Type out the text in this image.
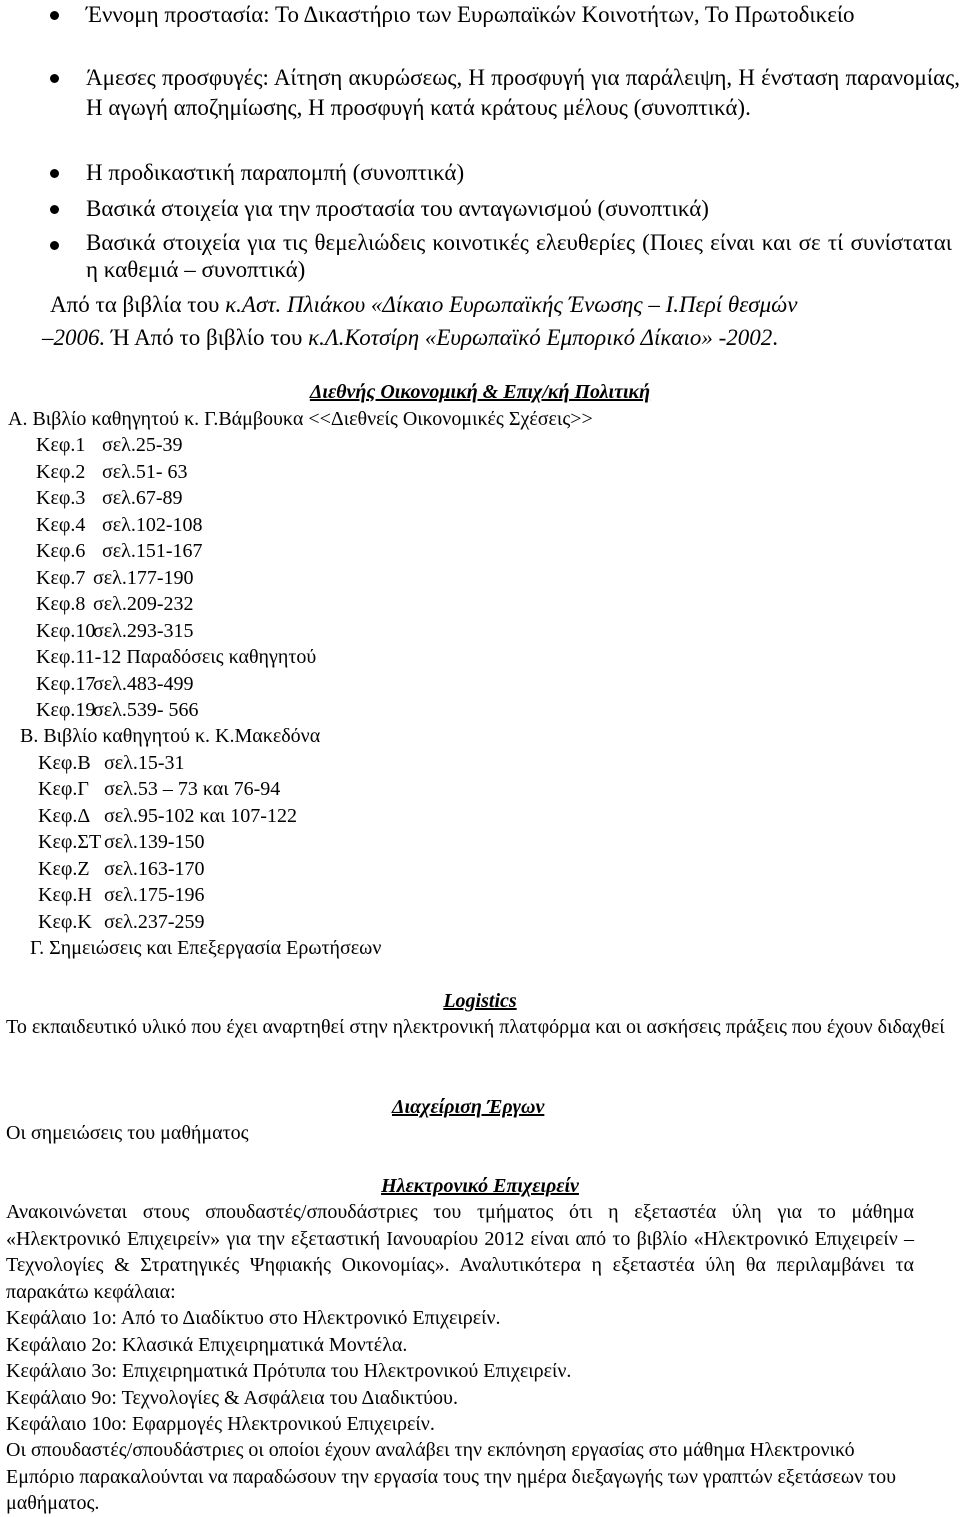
Έννομη προστασία: Το Δικαστήριο των Ευρωπαϊκών Κοινοτήτων, Το Πρωτοδικείο
Άμεσες προσφυγές: Αίτηση ακυρώσεως, Η προσφυγή για παράλειψη, Η ένσταση παρανομίας, Η αγωγή αποζημίωσης, Η προσφυγή κατά κράτους μέλους (συνοπτικά).
Η προδικαστική παραπομπή (συνοπτικά)
Βασικά στοιχεία για την προστασία του ανταγωνισμού (συνοπτικά)
Βασικά στοιχεία για τις θεμελιώδεις κοινοτικές ελευθερίες (Ποιες είναι και σε τί συνίσταται η καθεμιά – συνοπτικά)
Από τα βιβλία του κ.Αστ. Πλιάκου «Δίκαιο Ευρωπαϊκής Ένωσης – Ι.Περί θεσμών
–2006. Ή Από το βιβλίο του κ.Λ.Κοτσίρη «Ευρωπαϊκό Εμπορικό Δίκαιο» -2002.
Διεθνής Οικονομική & Επιχ/κή Πολιτική
Α. Βιβλίο καθηγητού κ. Γ.Βάμβουκα <<Διεθνείς Οικονομικές Σχέσεις>>
Κεφ.1 σελ.25-39
Κεφ.2 σελ.51- 63
Κεφ.3 σελ.67-89
Κεφ.4 σελ.102-108
Κεφ.6 σελ.151-167
Κεφ.7 σελ.177-190
Κεφ.8 σελ.209-232
Κεφ.10σελ.293-315
Κεφ.11-12 Παραδόσεις καθηγητού
Κεφ.17σελ.483-499
Κεφ.19σελ.539- 566
Β. Βιβλίο καθηγητού κ. Κ.Μακεδόνα
Κεφ.Β σελ.15-31
Κεφ.Γ σελ.53 – 73 και 76-94
Κεφ.Δ σελ.95-102 και 107-122
Κεφ.ΣΤ σελ.139-150
Κεφ.Ζ σελ.163-170
Κεφ.Η σελ.175-196
Κεφ.Κ σελ.237-259
Γ. Σημειώσεις και Επεξεργασία Ερωτήσεων
Logistics
Το εκπαιδευτικό υλικό που έχει αναρτηθεί στην ηλεκτρονική πλατφόρμα και οι ασκήσεις πράξεις που έχουν διδαχθεί
Διαχείριση Έργων
Οι σημειώσεις του μαθήματος
Ηλεκτρονικό Επιχειρείν
Ανακοινώνεται στους σπουδαστές/σπουδάστριες του τμήματος ότι η εξεταστέα ύλη για το μάθημα «Ηλεκτρονικό Επιχειρείν» για την εξεταστική Ιανουαρίου 2012 είναι από το βιβλίο «Ηλεκτρονικό Επιχειρείν – Τεχνολογίες & Στρατηγικές Ψηφιακής Οικονομίας». Αναλυτικότερα η εξεταστέα ύλη θα περιλαμβάνει τα παρακάτω κεφάλαια:
Κεφάλαιο 1ο: Από το Διαδίκτυο στο Ηλεκτρονικό Επιχειρείν.
Κεφάλαιο 2ο: Κλασικά Επιχειρηματικά Μοντέλα.
Κεφάλαιο 3ο: Επιχειρηματικά Πρότυπα του Ηλεκτρονικού Επιχειρείν.
Κεφάλαιο 9ο: Τεχνολογίες & Ασφάλεια του Διαδικτύου.
Κεφάλαιο 10ο: Εφαρμογές Ηλεκτρονικού Επιχειρείν.
Οι σπουδαστές/σπουδάστριες οι οποίοι έχουν αναλάβει την εκπόνηση εργασίας στο μάθημα Ηλεκτρονικό Εμπόριο παρακαλούνται να παραδώσουν την εργασία τους την ημέρα διεξαγωγής των γραπτών εξετάσεων του μαθήματος.
